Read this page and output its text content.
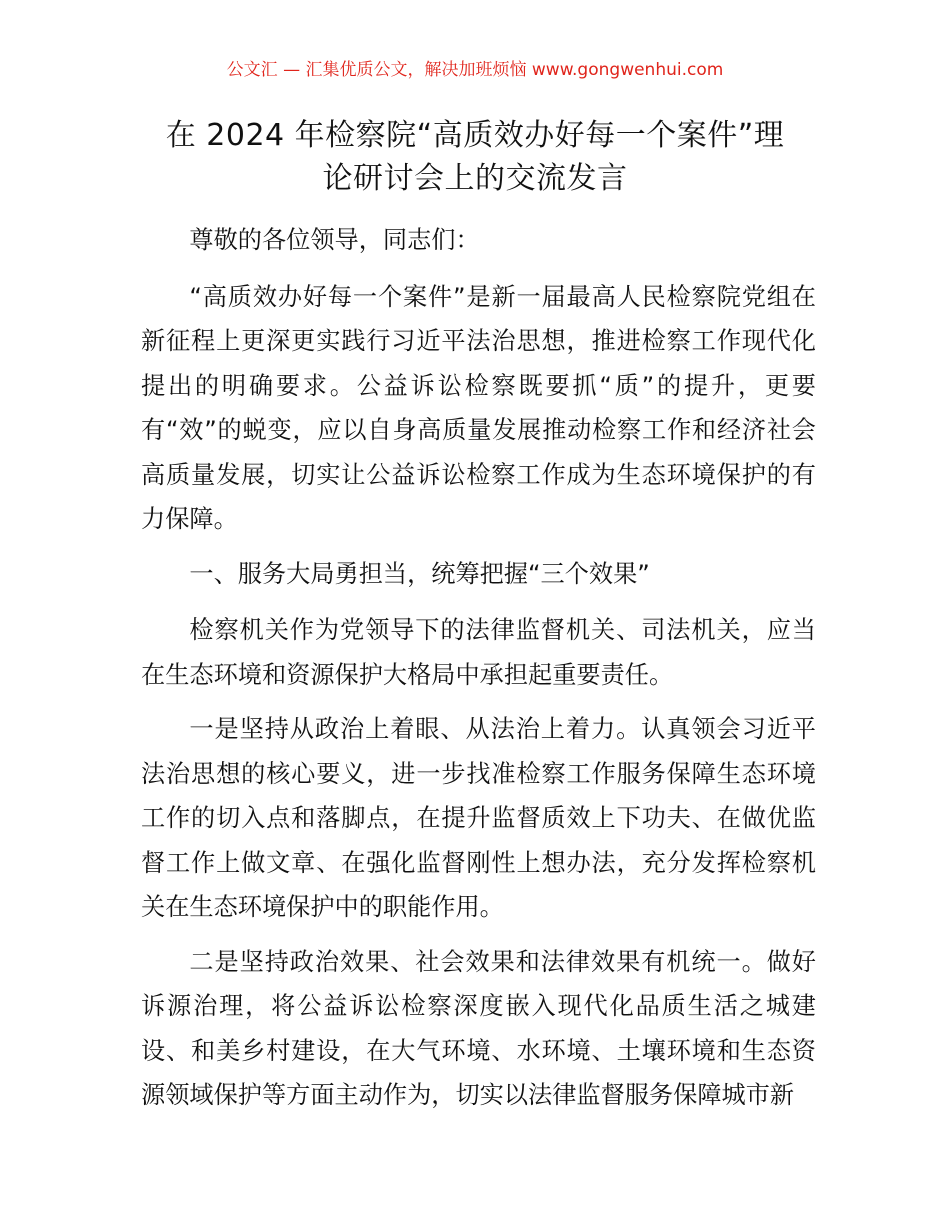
公文汇 — 汇集优质公文，解决加班烦恼 www.gongwenhui.com
在 2024 年检察院“高质效办好每一个案件”理
论研讨会上的交流发言

尊敬的各位领导，同志们：

“高质效办好每一个案件”是新一届最高人民检察院党组在新征程上更深更实践行习近平法治思想，推进检察工作现代化提出的明确要求。公益诉讼检察既要抓“质”的提升，更要有“效”的蜕变，应以自身高质量发展推动检察工作和经济社会高质量发展，切实让公益诉讼检察工作成为生态环境保护的有力保障。

一、服务大局勇担当，统筹把握“三个效果”

检察机关作为党领导下的法律监督机关、司法机关，应当在生态环境和资源保护大格局中承担起重要责任。

一是坚持从政治上着眼、从法治上着力。认真领会习近平法治思想的核心要义，进一步找准检察工作服务保障生态环境工作的切入点和落脚点，在提升监督质效上下功夫、在做优监督工作上做文章、在强化监督刚性上想办法，充分发挥检察机关在生态环境保护中的职能作用。

二是坚持政治效果、社会效果和法律效果有机统一。做好诉源治理，将公益诉讼检察深度嵌入现代化品质生活之城建设、和美乡村建设，在大气环境、水环境、土壤环境和生态资源领域保护等方面主动作为，切实以法律监督服务保障城市新
